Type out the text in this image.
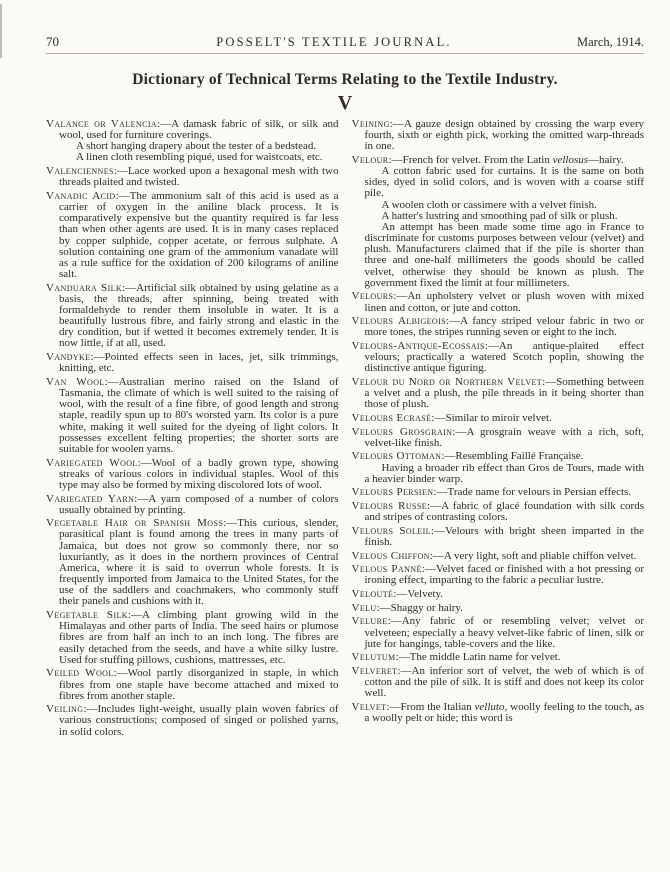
70	POSSELT'S TEXTILE JOURNAL.	March, 1914.
Dictionary of Technical Terms Relating to the Textile Industry.
V

Valance or Valencia:—A damask fabric of silk, or silk and wool, used for furniture coverings.

A short hanging drapery about the tester of a bedstead.

A linen cloth resembling piqué, used for waistcoats, etc.

Valenciennes:—Lace worked upon a hexagonal mesh with two threads plaited and twisted.

Vanadic Acid:—The ammonium salt of this acid is used as a carrier of oxygen in the aniline black process. It is comparatively expensive but the quantity required is far less than when other agents are used. It is in many cases replaced by copper sulphide, copper acetate, or ferrous sulphate. A solution containing one gram of the ammonium vanadate will as a rule suffice for the oxidation of 200 kilograms of aniline salt.

Vanduara Silk:—Artificial silk obtained by using gelatine as a basis, the threads, after spinning, being treated with formaldehyde to render them insoluble in water. It is a beautifully lustrous fibre, and fairly strong and elastic in the dry condition, but if wetted it becomes extremely tender. It is now little, if at all, used.

Vandyke:—Pointed effects seen in laces, jet, silk trimmings, knitting, etc.

Van Wool:—Australian merino raised on the Island of Tasmania, the climate of which is well suited to the raising of wool, with the result of a fine fibre, of good length and strong staple, readily spun up to 80's worsted yarn. Its color is a pure white, making it well suited for the dyeing of light colors. It possesses excellent felting properties; the shorter sorts are suitable for woolen yarns.

Variegated Wool:—Wool of a badly grown type, showing streaks of various colors in individual staples. Wool of this type may also be formed by mixing discolored lots of wool.

Variegated Yarn:—A yarn composed of a number of colors usually obtained by printing.

Vegetable Hair or Spanish Moss:—This curious, slender, parasitical plant is found among the trees in many parts of Jamaica, but does not grow so commonly there, nor so luxuriantly, as it does in the northern provinces of Central America, where it is said to overrun whole forests. It is frequently imported from Jamaica to the United States, for the use of the saddlers and coachmakers, who commonly stuff their panels and cushions with it.

Vegetable Silk:—A climbing plant growing wild in the Himalayas and other parts of India. The seed hairs or plumose fibres are from half an inch to an inch long. The fibres are easily detached from the seeds, and have a white silky lustre. Used for stuffing pillows, cushions, mattresses, etc.

Veiled Wool:—Wool partly disorganized in staple, in which fibres from one staple have become attached and mixed to fibres from another staple.

Veiling:—Includes light-weight, usually plain woven fabrics of various constructions; composed of singed or polished yarns, in solid colors.

Veining:—A gauze design obtained by crossing the warp every fourth, sixth or eighth pick, working the omitted warp-threads in one.

Velour:—French for velvet. From the Latin vellosus—hairy.

A cotton fabric used for curtains. It is the same on both sides, dyed in solid colors, and is woven with a coarse stiff pile.

A woolen cloth or cassimere with a velvet finish.

A hatter's lustring and smoothing pad of silk or plush.

An attempt has been made some time ago in France to discriminate for customs purposes between velour (velvet) and plush. Manufacturers claimed that if the pile is shorter than three and one-half millimeters the goods should be called velvet, otherwise they should be known as plush. The government fixed the limit at four millimeters.

Velours:—An upholstery velvet or plush woven with mixed linen and cotton, or jute and cotton.

Velours Albigeois:—A fancy striped velour fabric in two or more tones, the stripes running seven or eight to the inch.

Velours-Antique-Ecossais:—An antique-plaited effect velours; practically a watered Scotch poplin, showing the distinctive antique figuring.

Velour du Nord or Northern Velvet:—Something between a velvet and a plush, the pile threads in it being shorter than those of plush.

Velours Ecrasé:—Similar to miroir velvet.

Velours Grosgrain:—A grosgrain weave with a rich, soft, velvet-like finish.

Velours Ottoman:—Resembling Faillé Française.

Having a broader rib effect than Gros de Tours, made with a heavier binder warp.

Velours Persien:—Trade name for velours in Persian effects.

Velours Russe:—A fabric of glacé foundation with silk cords and stripes of contrasting colors.

Velours Soleil:—Velours with bright sheen imparted in the finish.

Velous Chiffon:—A very light, soft and pliable chiffon velvet.

Velous Panné:—Velvet faced or finished with a hot pressing or ironing effect, imparting to the fabric a peculiar lustre.

Velouté:—Velvety.

Velu:—Shaggy or hairy.

Velure:—Any fabric of or resembling velvet; velvet or velveteen; especially a heavy velvet-like fabric of linen, silk or jute for hangings, table-covers and the like.

Velutum:—The middle Latin name for velvet.

Velveret:—An inferior sort of velvet, the web of which is of cotton and the pile of silk. It is stiff and does not keep its color well.

Velvet:—From the Italian velluto, woolly feeling to the touch, as a woolly pelt or hide; this word is
